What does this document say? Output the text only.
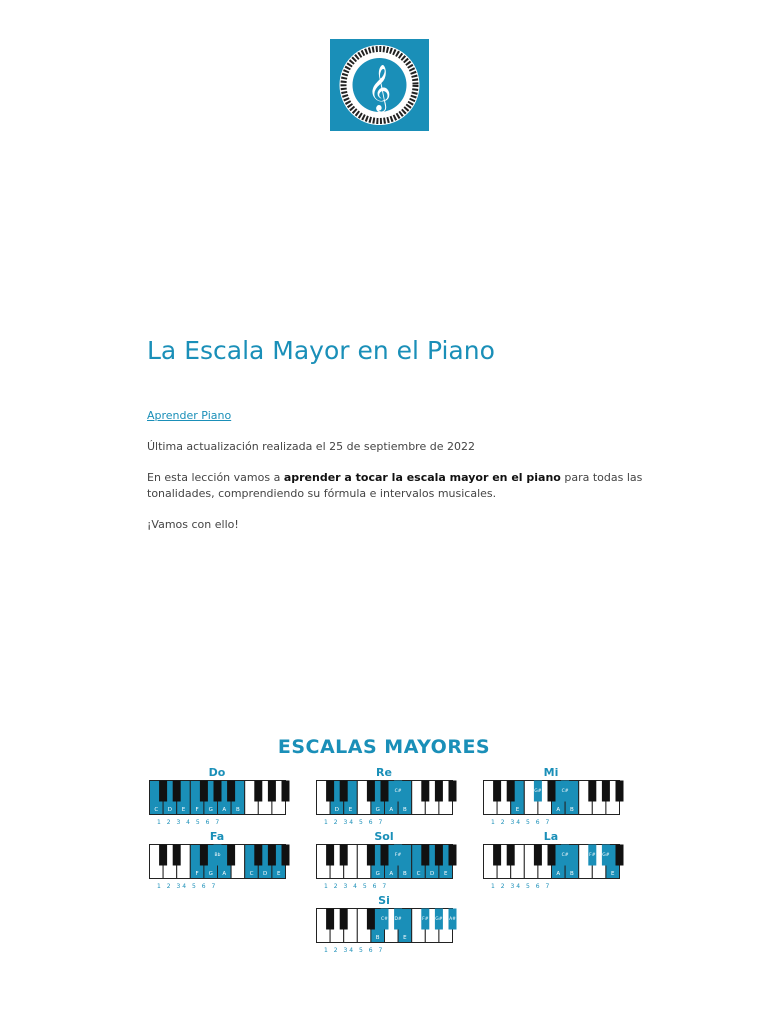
𝄞
La Escala Mayor en el Piano
Aprender Piano
Última actualización realizada el 25 de septiembre de 2022
En esta lección vamos a aprender a tocar la escala mayor en el piano para todas las
tonalidades, comprendiendo su fórmula e intervalos musicales.
¡Vamos con ello!
ESCALAS MAYORES
Do
C D E F G A B
1 2 3 4 5 6 7
Re
D E	G A B
C#
1 2 34 5 6 7
Mi
E	A B
G#	C#
1 2 34 5 6 7
Fa
F G A	C D E
Bb
1 2 34 5 6 7
Sol
G A B C D E
F#
1 2 3 4 5 6 7
La
A B	E
C#	F# G#
1 2 34 5 6 7
Si
B	E
C# D#	F# G# A#
1 2 34 5 6 7
